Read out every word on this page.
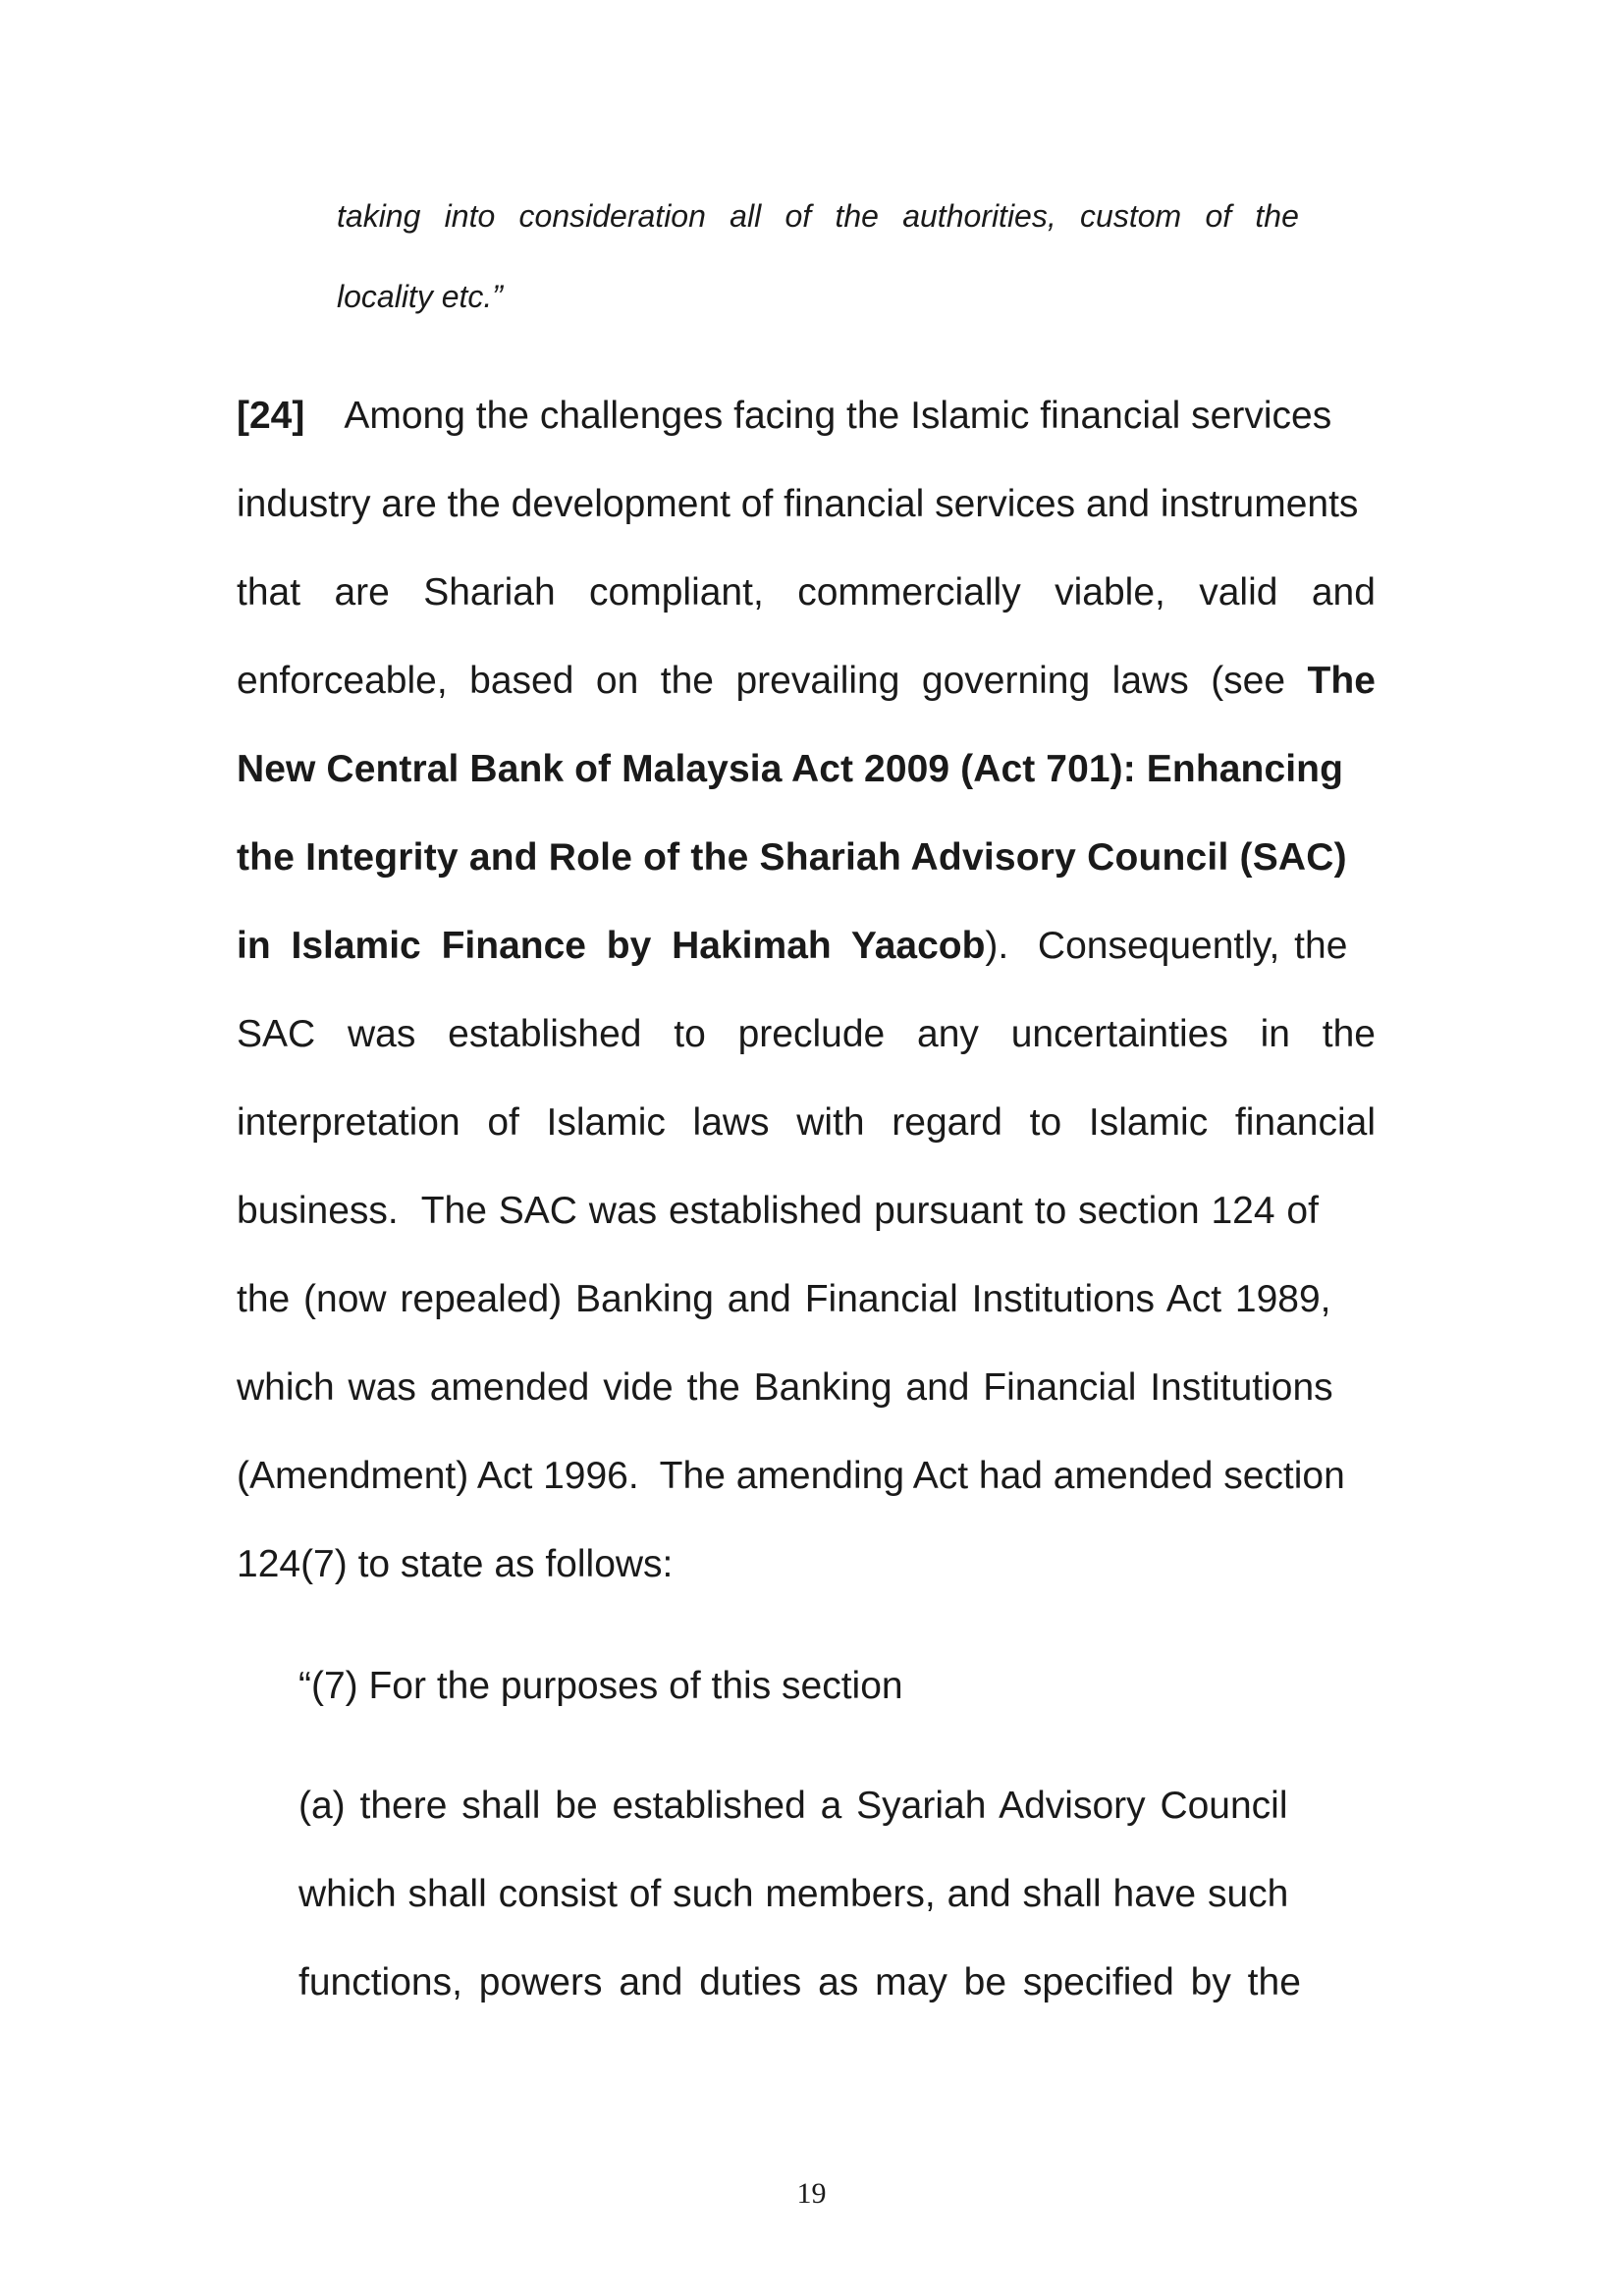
taking into consideration all of the authorities, custom of the
locality etc.”
[24] Among the challenges facing the Islamic financial services
industry are the development of financial services and instruments
that are Shariah compliant, commercially viable, valid and
enforceable, based on the prevailing governing laws (see The
New Central Bank of Malaysia Act 2009 (Act 701): Enhancing
the Integrity and Role of the Shariah Advisory Council (SAC)
in Islamic Finance by Hakimah Yaacob).  Consequently, the
SAC was established to preclude any uncertainties in the
interpretation of Islamic laws with regard to Islamic financial
business.  The SAC was established pursuant to section 124 of
the (now repealed) Banking and Financial Institutions Act 1989,
which was amended vide the Banking and Financial Institutions
(Amendment) Act 1996.  The amending Act had amended section
124(7) to state as follows:
“(7) For the purposes of this section
(a) there shall be established a Syariah Advisory Council
which shall consist of such members, and shall have such
functions, powers and duties as may be specified by the
19
